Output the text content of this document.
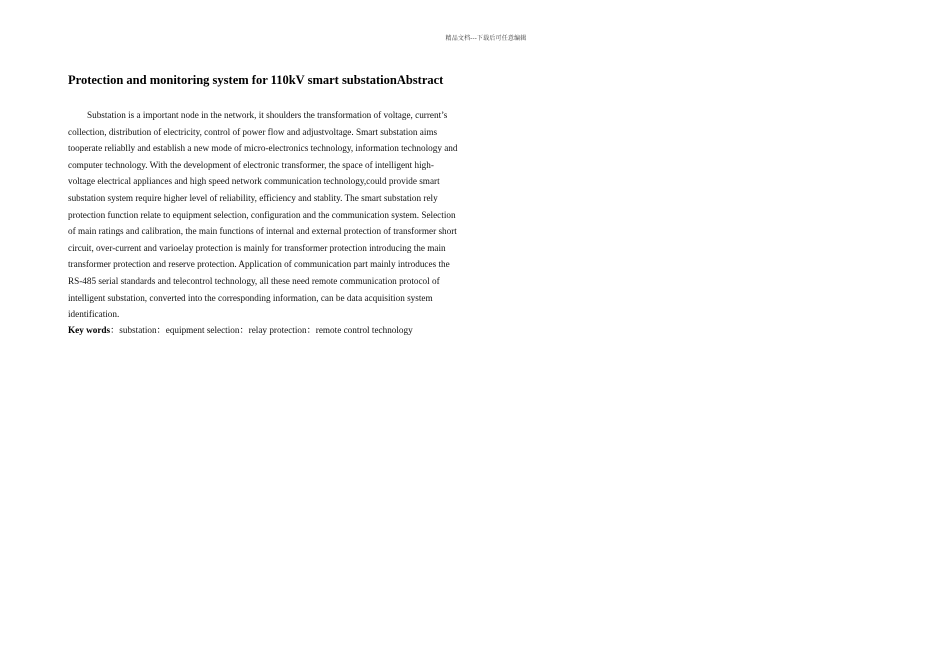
精品文档---下载后可任意编辑
Protection and monitoring system for 110kV smart substationAbstract
Substation is a important node in the network, it shoulders the transformation of voltage, current’s
collection, distribution of electricity, control of power flow and adjustvoltage. Smart substation aims
tooperate reliablly and establish a new mode of micro-electronics technology, information technology and
computer technology. With the development of electronic transformer, the space of intelligent high-
voltage electrical appliances and high speed network communication technology,could provide smart
substation system require higher level of reliability, efficiency and stablity. The smart substation rely
protection function relate to equipment selection, configuration and the communication system. Selection
of main ratings and calibration, the main functions of internal and external protection of transformer short
circuit, over-current and varioelay protection is mainly for transformer protection introducing the main
transformer protection and reserve protection. Application of communication part mainly introduces the
RS-485 serial standards and telecontrol technology, all these need remote communication protocol of
intelligent substation, converted into the corresponding information, can be data acquisition system
identification.
Key words：substation：equipment selection：relay protection：remote control technology
